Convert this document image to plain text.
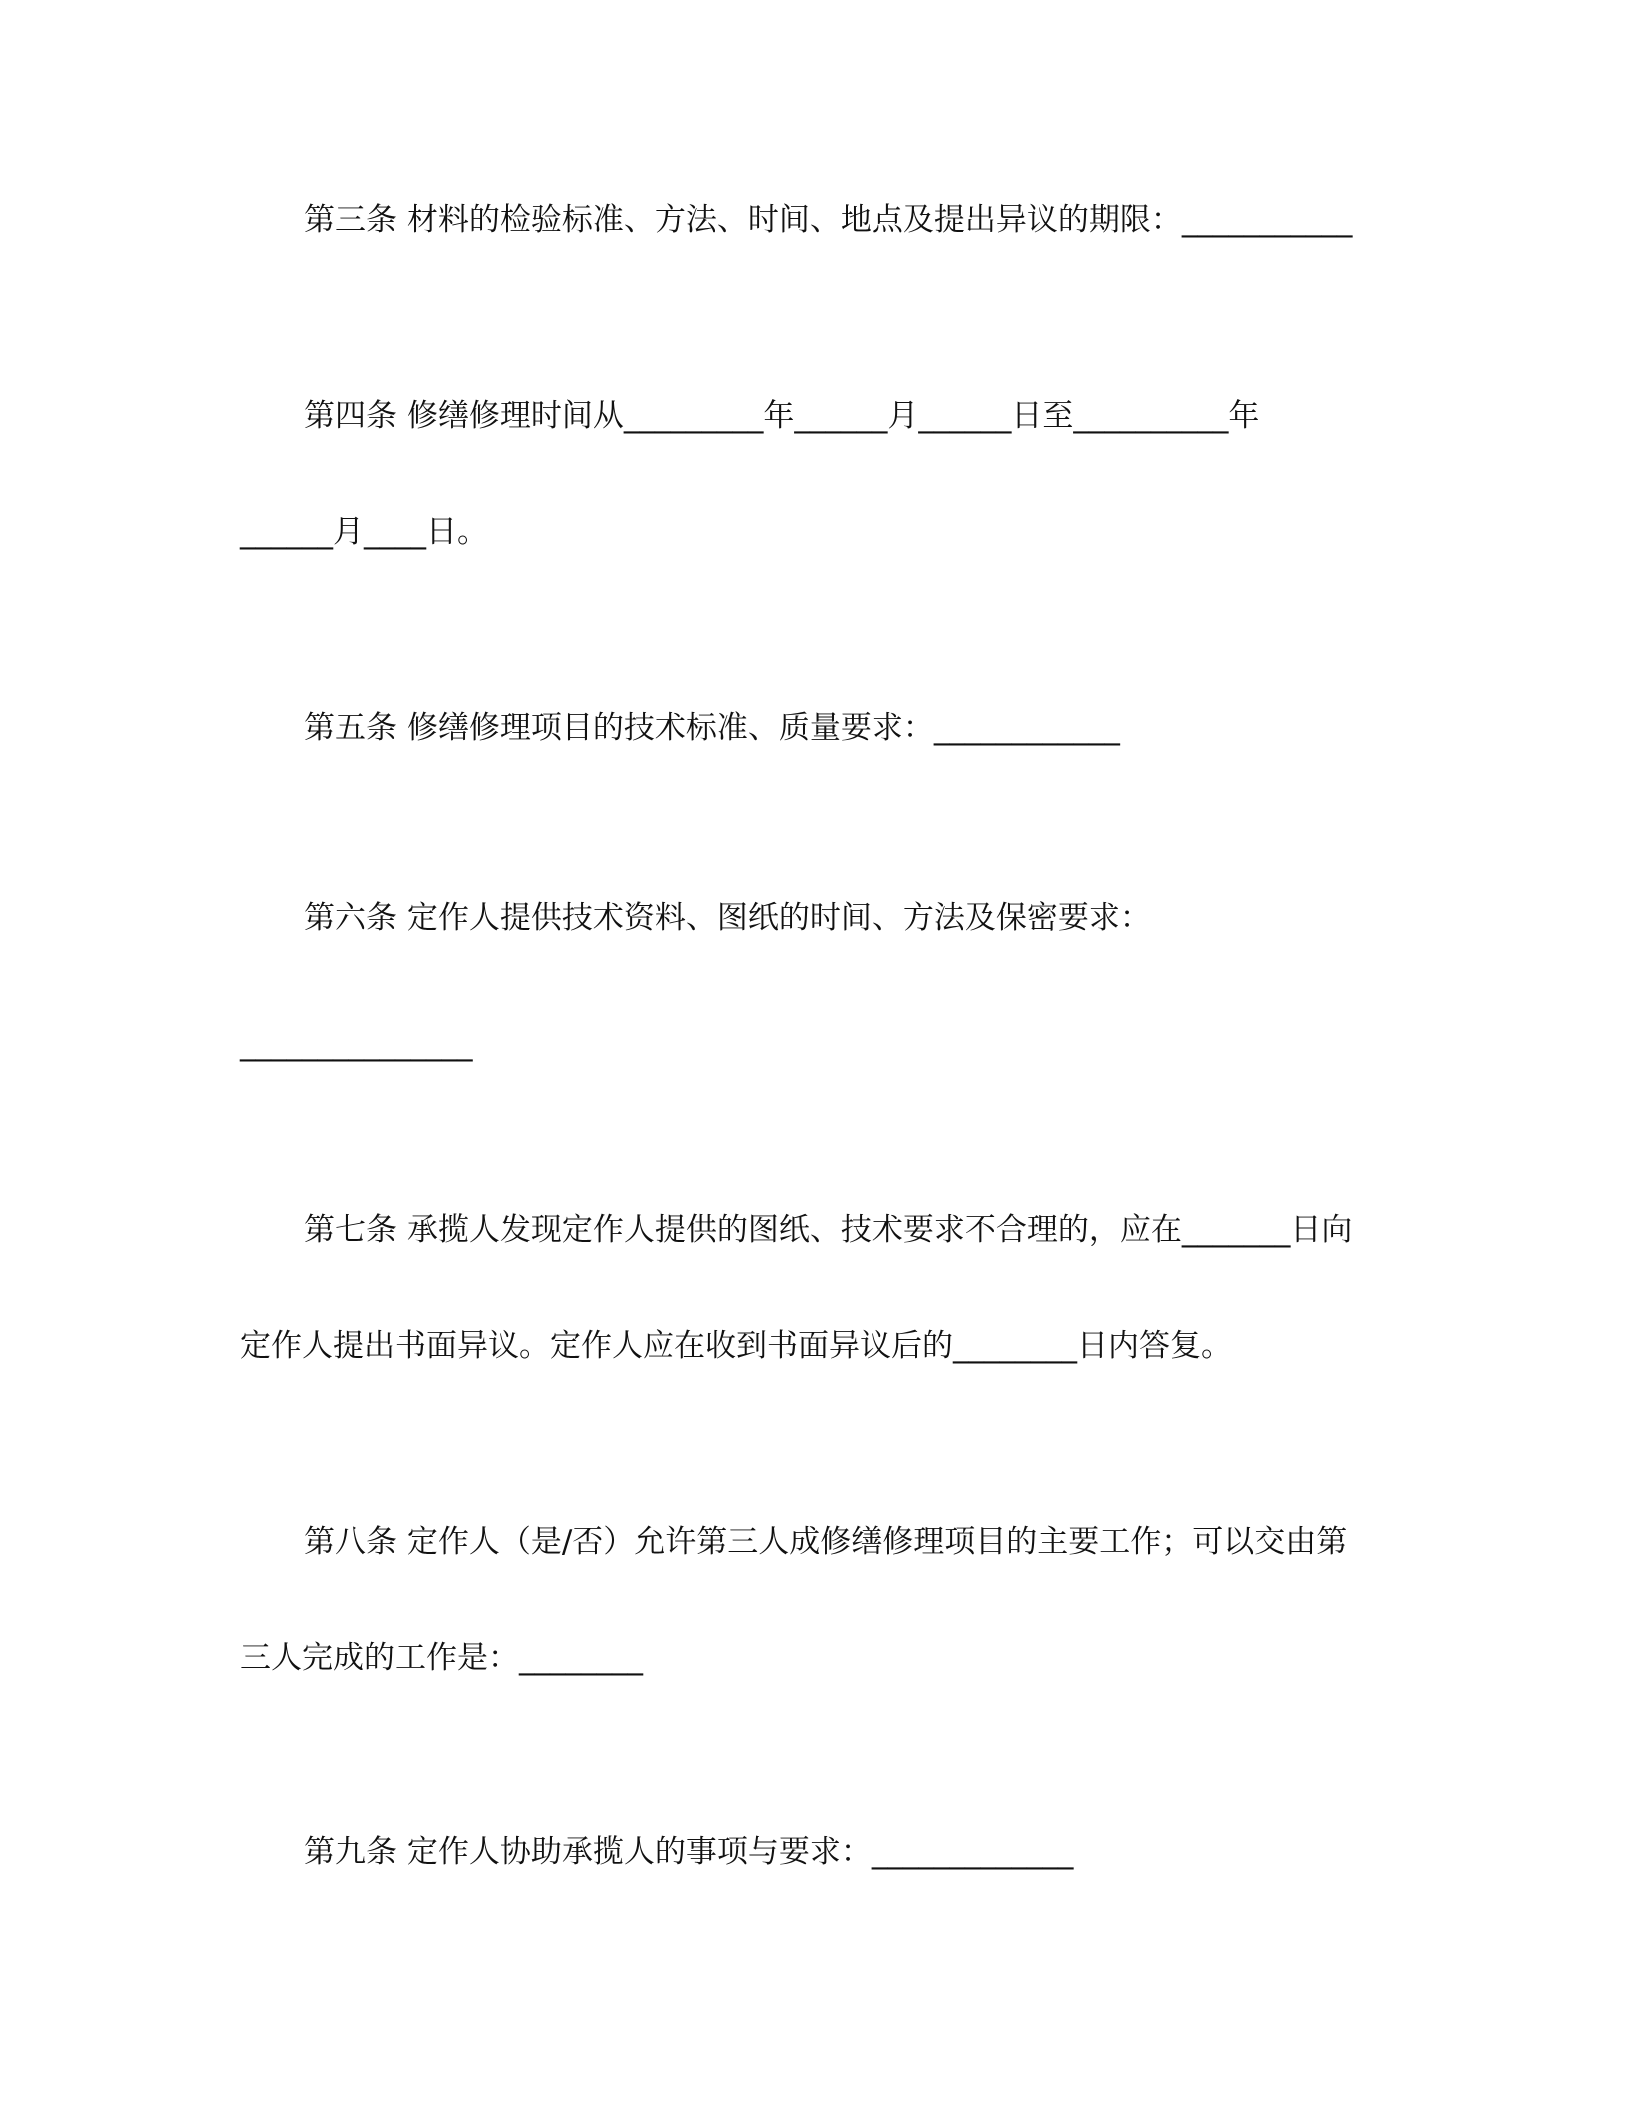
第三条 材料的检验标准、方法、时间、地点及提出异议的期限：___________
第四条 修缮修理时间从_________年______月______日至__________年
______月____日。
第五条 修缮修理项目的技术标准、质量要求：____________
第六条 定作人提供技术资料、图纸的时间、方法及保密要求：
_______________
第七条 承揽人发现定作人提供的图纸、技术要求不合理的，应在_______日向
定作人提出书面异议。定作人应在收到书面异议后的________日内答复。
第八条 定作人（是/否）允许第三人成修缮修理项目的主要工作；可以交由第
三人完成的工作是：________
第九条 定作人协助承揽人的事项与要求：_____________
